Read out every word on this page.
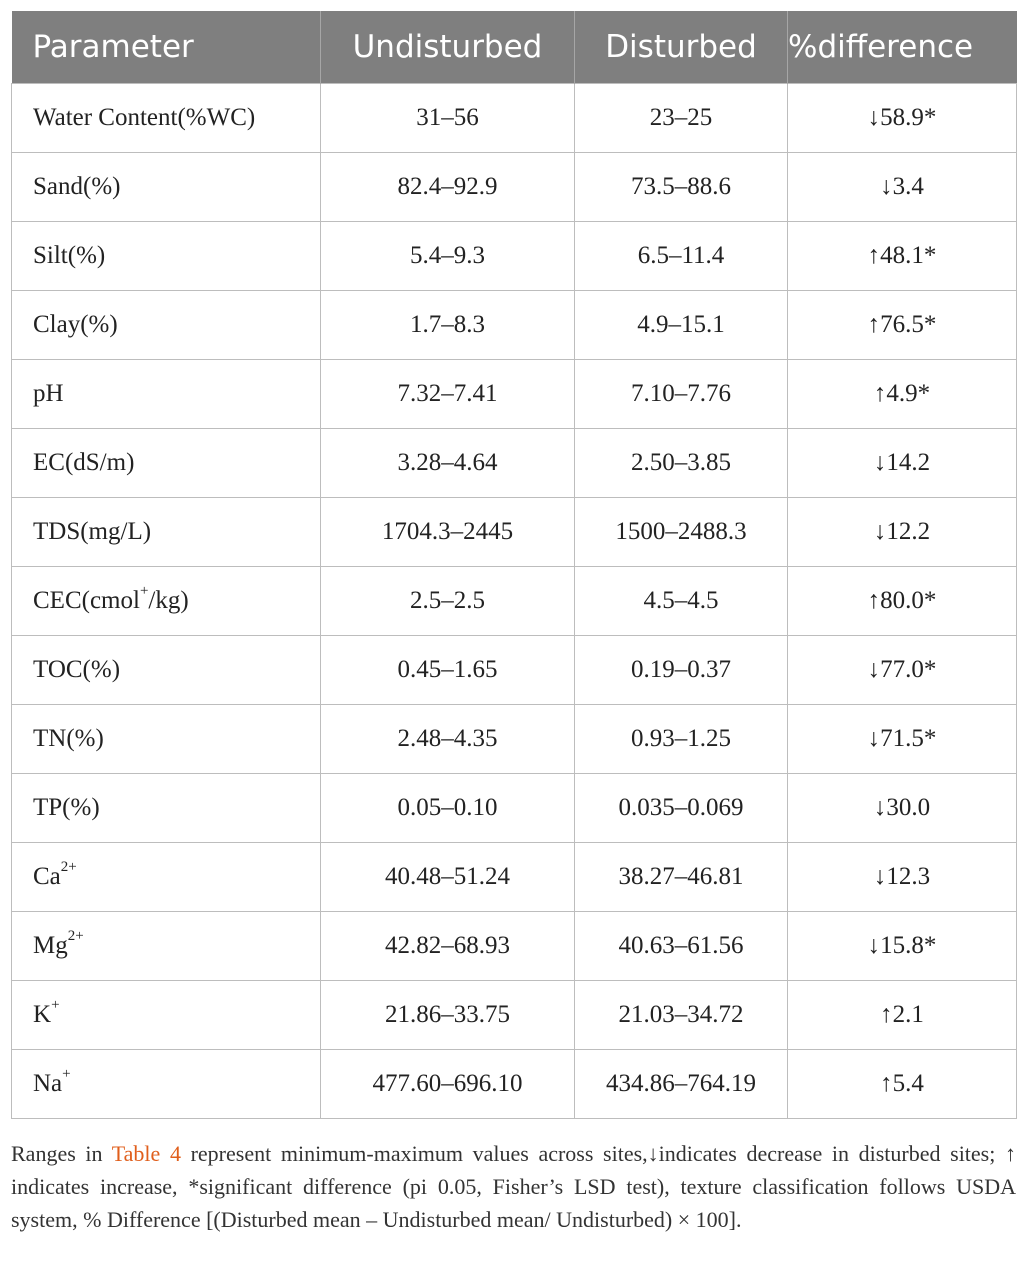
Parameter	Undisturbed	Disturbed	%difference
Water Content(%WC)	31–56	23–25	↓58.9*
Sand(%)	82.4–92.9	73.5–88.6	↓3.4
Silt(%)	5.4–9.3	6.5–11.4	↑48.1*
Clay(%)	1.7–8.3	4.9–15.1	↑76.5*
pH	7.32–7.41	7.10–7.76	↑4.9*
EC(dS/m)	3.28–4.64	2.50–3.85	↓14.2
TDS(mg/L)	1704.3–2445	1500–2488.3	↓12.2
CEC(cmol+/kg)	2.5–2.5	4.5–4.5	↑80.0*
TOC(%)	0.45–1.65	0.19–0.37	↓77.0*
TN(%)	2.48–4.35	0.93–1.25	↓71.5*
TP(%)	0.05–0.10	0.035–0.069	↓30.0
$Ca^{2+}$	40.48–51.24	38.27–46.81	↓12.3
$Mg^{2+}$	42.82–68.93	40.63–61.56	↓15.8*
K+	21.86–33.75	21.03–34.72	↑2.1
Na+	477.60–696.10	434.86–764.19	↑5.4

Ranges in Table 4 represent minimum-maximum values across sites,↓indicates decrease in disturbed sites; ↑ indicates increase, *significant difference (pi 0.05, Fisher’s LSD test), texture classification follows USDA system, % Difference [(Disturbed mean – Undisturbed mean/ Undisturbed) × 100].
